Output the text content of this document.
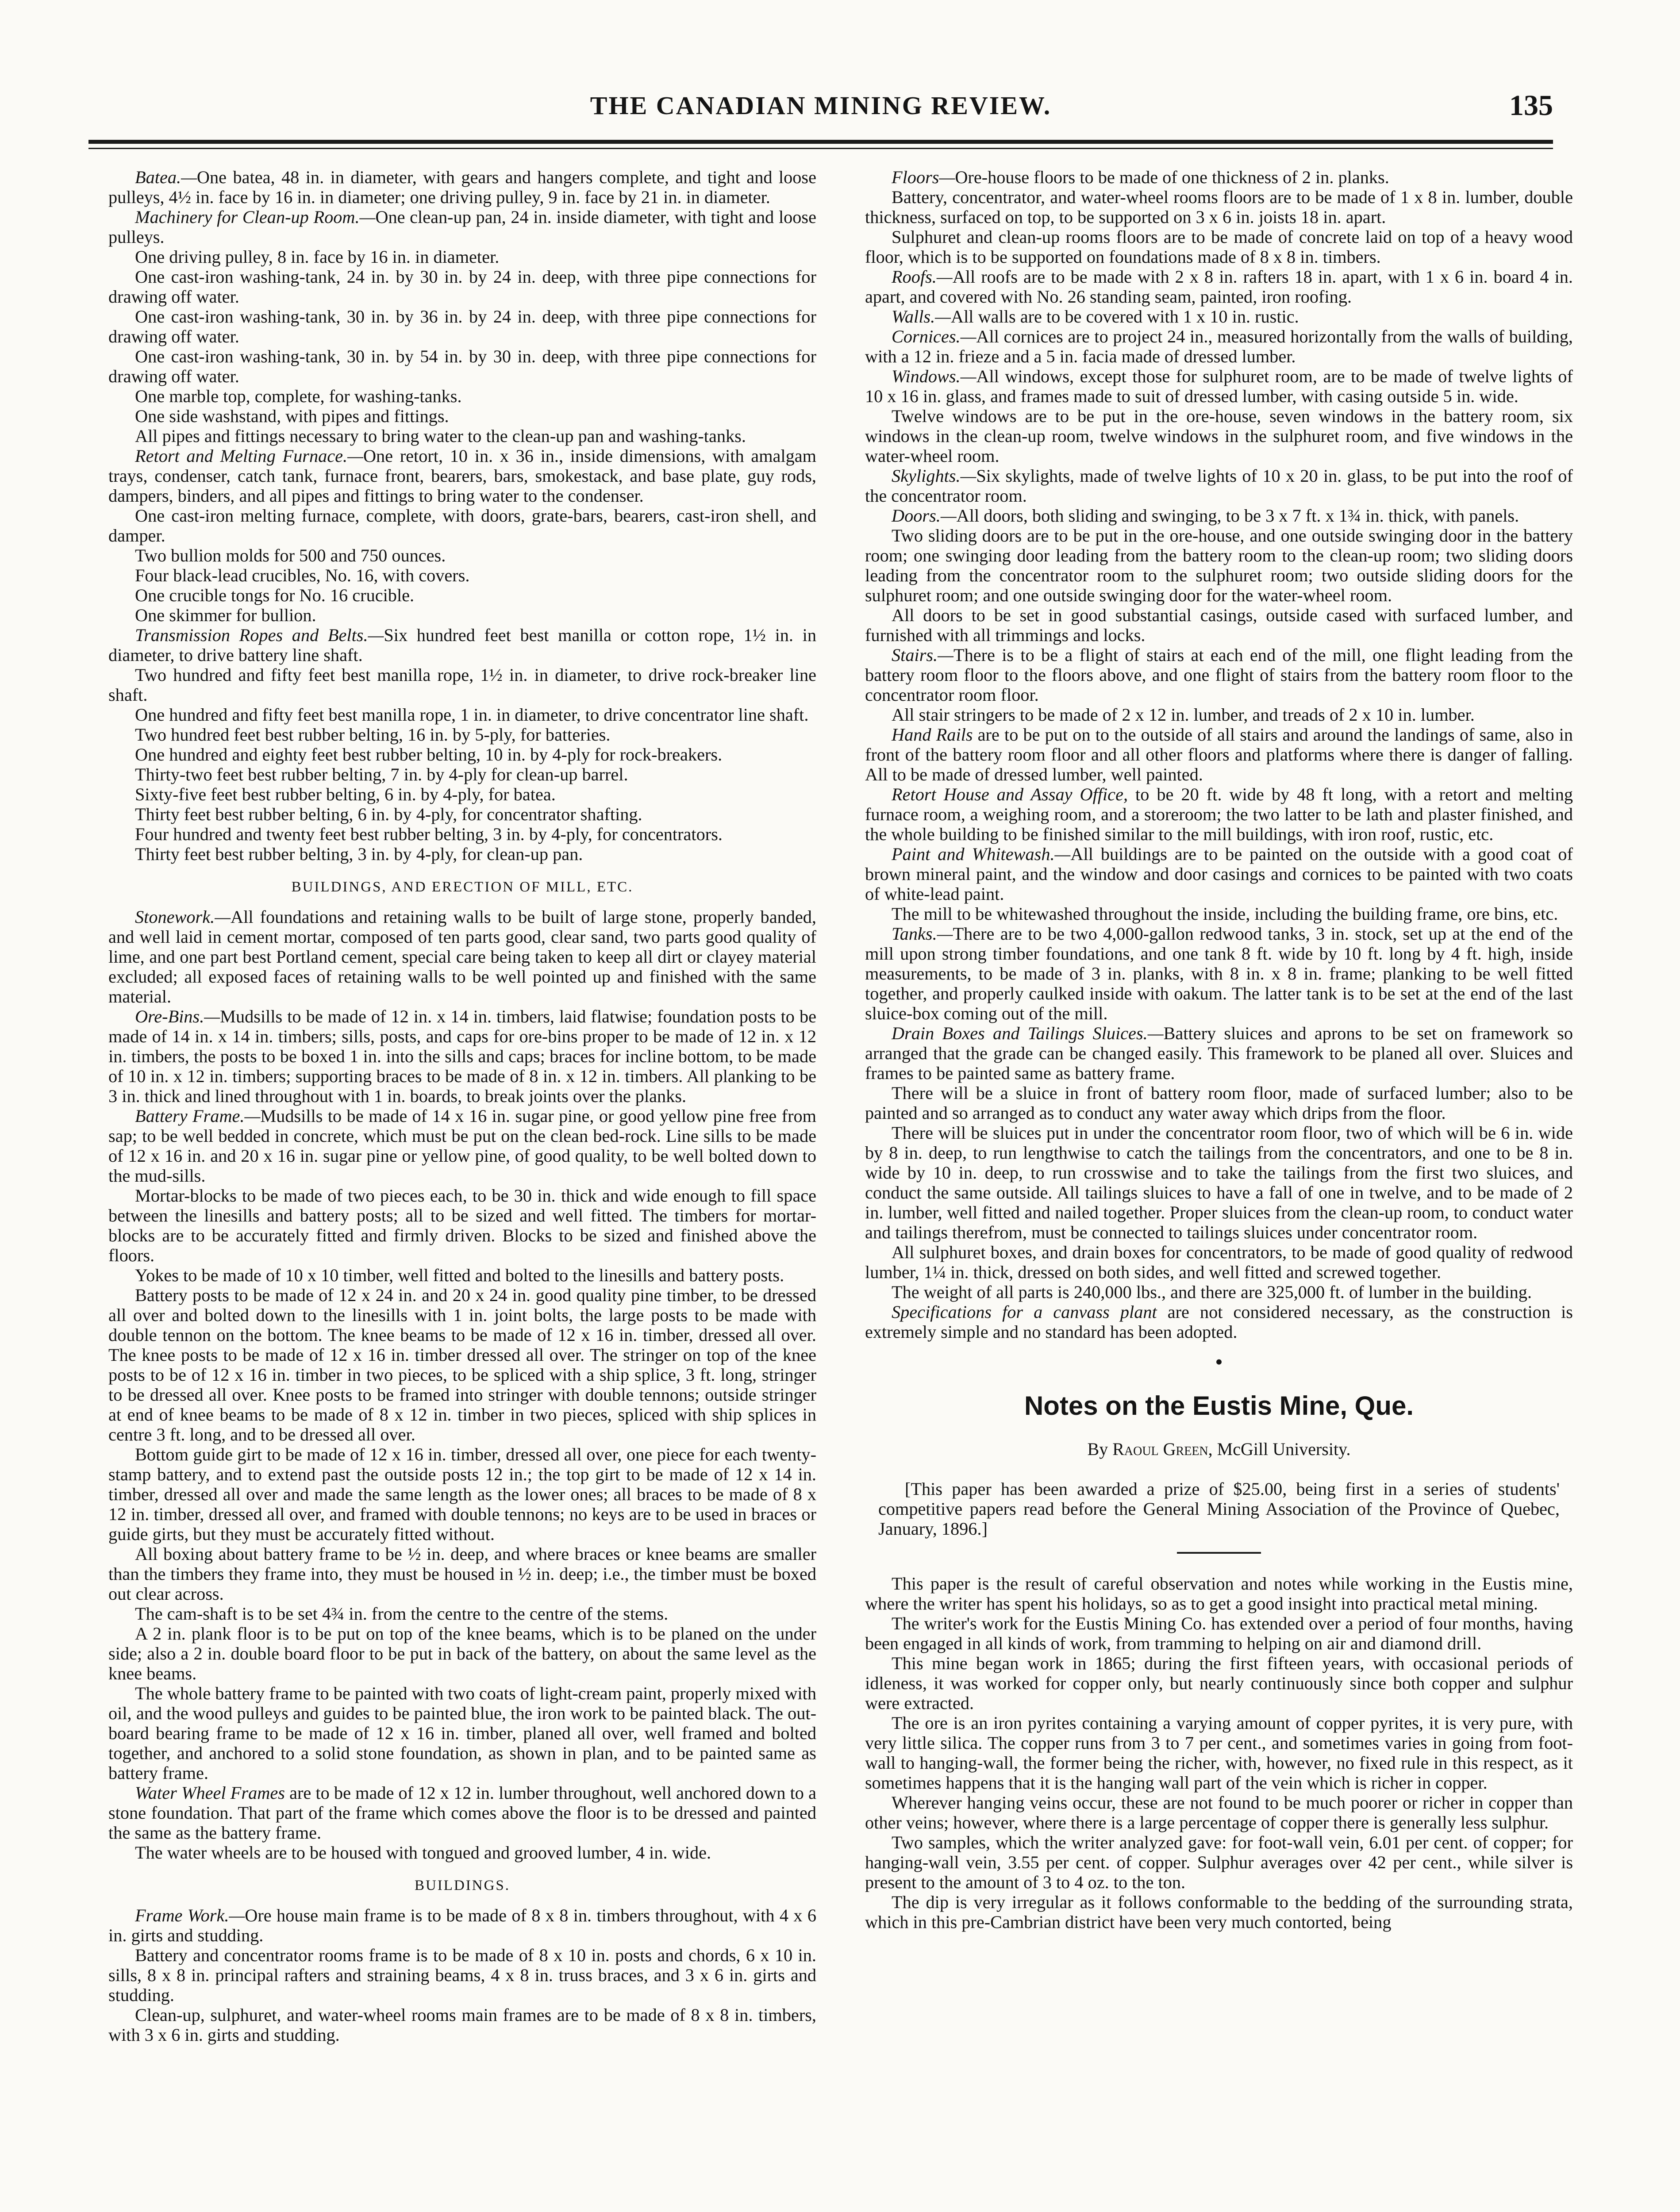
THE CANADIAN MINING REVIEW.	135

Batea.—One batea, 48 in. in diameter, with gears and hangers complete, and tight and loose pulleys, 4½ in. face by 16 in. in diameter; one driving pulley, 9 in. face by 21 in. in diameter.

Machinery for Clean-up Room.—One clean-up pan, 24 in. inside diameter, with tight and loose pulleys.

One driving pulley, 8 in. face by 16 in. in diameter.

One cast-iron washing-tank, 24 in. by 30 in. by 24 in. deep, with three pipe connections for drawing off water.

One cast-iron washing-tank, 30 in. by 36 in. by 24 in. deep, with three pipe connections for drawing off water.

One cast-iron washing-tank, 30 in. by 54 in. by 30 in. deep, with three pipe connections for drawing off water.

One marble top, complete, for washing-tanks.

One side washstand, with pipes and fittings.

All pipes and fittings necessary to bring water to the clean-up pan and washing-tanks.

Retort and Melting Furnace.—One retort, 10 in. x 36 in., inside dimensions, with amalgam trays, condenser, catch tank, furnace front, bearers, bars, smokestack, and base plate, guy rods, dampers, binders, and all pipes and fittings to bring water to the condenser.

One cast-iron melting furnace, complete, with doors, grate-bars, bearers, cast-iron shell, and damper.

Two bullion molds for 500 and 750 ounces.

Four black-lead crucibles, No. 16, with covers.

One crucible tongs for No. 16 crucible.

One skimmer for bullion.

Transmission Ropes and Belts.—Six hundred feet best manilla or cotton rope, 1½ in. in diameter, to drive battery line shaft.

Two hundred and fifty feet best manilla rope, 1½ in. in diameter, to drive rock-breaker line shaft.

One hundred and fifty feet best manilla rope, 1 in. in diameter, to drive concentrator line shaft.

Two hundred feet best rubber belting, 16 in. by 5-ply, for batteries.

One hundred and eighty feet best rubber belting, 10 in. by 4-ply for rock-breakers.

Thirty-two feet best rubber belting, 7 in. by 4-ply for clean-up barrel.

Sixty-five feet best rubber belting, 6 in. by 4-ply, for batea.

Thirty feet best rubber belting, 6 in. by 4-ply, for concentrator shafting.

Four hundred and twenty feet best rubber belting, 3 in. by 4-ply, for concentrators.

Thirty feet best rubber belting, 3 in. by 4-ply, for clean-up pan.

BUILDINGS, AND ERECTION OF MILL, ETC.

Stonework.—All foundations and retaining walls to be built of large stone, properly banded, and well laid in cement mortar, composed of ten parts good, clear sand, two parts good quality of lime, and one part best Portland cement, special care being taken to keep all dirt or clayey material excluded; all exposed faces of retaining walls to be well pointed up and finished with the same material.

Ore-Bins.—Mudsills to be made of 12 in. x 14 in. timbers, laid flatwise; foundation posts to be made of 14 in. x 14 in. timbers; sills, posts, and caps for ore-bins proper to be made of 12 in. x 12 in. timbers, the posts to be boxed 1 in. into the sills and caps; braces for incline bottom, to be made of 10 in. x 12 in. timbers; supporting braces to be made of 8 in. x 12 in. timbers. All planking to be 3 in. thick and lined throughout with 1 in. boards, to break joints over the planks.

Battery Frame.—Mudsills to be made of 14 x 16 in. sugar pine, or good yellow pine free from sap; to be well bedded in concrete, which must be put on the clean bed-rock. Line sills to be made of 12 x 16 in. and 20 x 16 in. sugar pine or yellow pine, of good quality, to be well bolted down to the mud-sills.

Mortar-blocks to be made of two pieces each, to be 30 in. thick and wide enough to fill space between the linesills and battery posts; all to be sized and well fitted. The timbers for mortar-blocks are to be accurately fitted and firmly driven. Blocks to be sized and finished above the floors.

Yokes to be made of 10 x 10 timber, well fitted and bolted to the linesills and battery posts.

Battery posts to be made of 12 x 24 in. and 20 x 24 in. good quality pine timber, to be dressed all over and bolted down to the linesills with 1 in. joint bolts, the large posts to be made with double tennon on the bottom. The knee beams to be made of 12 x 16 in. timber, dressed all over. The knee posts to be made of 12 x 16 in. timber dressed all over. The stringer on top of the knee posts to be of 12 x 16 in. timber in two pieces, to be spliced with a ship splice, 3 ft. long, stringer to be dressed all over. Knee posts to be framed into stringer with double tennons; outside stringer at end of knee beams to be made of 8 x 12 in. timber in two pieces, spliced with ship splices in centre 3 ft. long, and to be dressed all over.

Bottom guide girt to be made of 12 x 16 in. timber, dressed all over, one piece for each twenty-stamp battery, and to extend past the outside posts 12 in.; the top girt to be made of 12 x 14 in. timber, dressed all over and made the same length as the lower ones; all braces to be made of 8 x 12 in. timber, dressed all over, and framed with double tennons; no keys are to be used in braces or guide girts, but they must be accurately fitted without.

All boxing about battery frame to be ½ in. deep, and where braces or knee beams are smaller than the timbers they frame into, they must be housed in ½ in. deep; i.e., the timber must be boxed out clear across.

The cam-shaft is to be set 4¾ in. from the centre to the centre of the stems.

A 2 in. plank floor is to be put on top of the knee beams, which is to be planed on the under side; also a 2 in. double board floor to be put in back of the battery, on about the same level as the knee beams.

The whole battery frame to be painted with two coats of light-cream paint, properly mixed with oil, and the wood pulleys and guides to be painted blue, the iron work to be painted black. The out-board bearing frame to be made of 12 x 16 in. timber, planed all over, well framed and bolted together, and anchored to a solid stone foundation, as shown in plan, and to be painted same as battery frame.

Water Wheel Frames are to be made of 12 x 12 in. lumber throughout, well anchored down to a stone foundation. That part of the frame which comes above the floor is to be dressed and painted the same as the battery frame.

The water wheels are to be housed with tongued and grooved lumber, 4 in. wide.

BUILDINGS.

Frame Work.—Ore house main frame is to be made of 8 x 8 in. timbers throughout, with 4 x 6 in. girts and studding.

Battery and concentrator rooms frame is to be made of 8 x 10 in. posts and chords, 6 x 10 in. sills, 8 x 8 in. principal rafters and straining beams, 4 x 8 in. truss braces, and 3 x 6 in. girts and studding.

Clean-up, sulphuret, and water-wheel rooms main frames are to be made of 8 x 8 in. timbers, with 3 x 6 in. girts and studding.

Floors—Ore-house floors to be made of one thickness of 2 in. planks.

Battery, concentrator, and water-wheel rooms floors are to be made of 1 x 8 in. lumber, double thickness, surfaced on top, to be supported on 3 x 6 in. joists 18 in. apart.

Sulphuret and clean-up rooms floors are to be made of concrete laid on top of a heavy wood floor, which is to be supported on foundations made of 8 x 8 in. timbers.

Roofs.—All roofs are to be made with 2 x 8 in. rafters 18 in. apart, with 1 x 6 in. board 4 in. apart, and covered with No. 26 standing seam, painted, iron roofing.

Walls.—All walls are to be covered with 1 x 10 in. rustic.

Cornices.—All cornices are to project 24 in., measured horizontally from the walls of building, with a 12 in. frieze and a 5 in. facia made of dressed lumber.

Windows.—All windows, except those for sulphuret room, are to be made of twelve lights of 10 x 16 in. glass, and frames made to suit of dressed lumber, with casing outside 5 in. wide.

Twelve windows are to be put in the ore-house, seven windows in the battery room, six windows in the clean-up room, twelve windows in the sulphuret room, and five windows in the water-wheel room.

Skylights.—Six skylights, made of twelve lights of 10 x 20 in. glass, to be put into the roof of the concentrator room.

Doors.—All doors, both sliding and swinging, to be 3 x 7 ft. x 1¾ in. thick, with panels.

Two sliding doors are to be put in the ore-house, and one outside swinging door in the battery room; one swinging door leading from the battery room to the clean-up room; two sliding doors leading from the concentrator room to the sulphuret room; two outside sliding doors for the sulphuret room; and one outside swinging door for the water-wheel room.

All doors to be set in good substantial casings, outside cased with surfaced lumber, and furnished with all trimmings and locks.

Stairs.—There is to be a flight of stairs at each end of the mill, one flight leading from the battery room floor to the floors above, and one flight of stairs from the battery room floor to the concentrator room floor.

All stair stringers to be made of 2 x 12 in. lumber, and treads of 2 x 10 in. lumber.

Hand Rails are to be put on to the outside of all stairs and around the landings of same, also in front of the battery room floor and all other floors and platforms where there is danger of falling. All to be made of dressed lumber, well painted.

Retort House and Assay Office, to be 20 ft. wide by 48 ft long, with a retort and melting furnace room, a weighing room, and a storeroom; the two latter to be lath and plaster finished, and the whole building to be finished similar to the mill buildings, with iron roof, rustic, etc.

Paint and Whitewash.—All buildings are to be painted on the outside with a good coat of brown mineral paint, and the window and door casings and cornices to be painted with two coats of white-lead paint.

The mill to be whitewashed throughout the inside, including the building frame, ore bins, etc.

Tanks.—There are to be two 4,000-gallon redwood tanks, 3 in. stock, set up at the end of the mill upon strong timber foundations, and one tank 8 ft. wide by 10 ft. long by 4 ft. high, inside measurements, to be made of 3 in. planks, with 8 in. x 8 in. frame; planking to be well fitted together, and properly caulked inside with oakum. The latter tank is to be set at the end of the last sluice-box coming out of the mill.

Drain Boxes and Tailings Sluices.—Battery sluices and aprons to be set on framework so arranged that the grade can be changed easily. This framework to be planed all over. Sluices and frames to be painted same as battery frame.

There will be a sluice in front of battery room floor, made of surfaced lumber; also to be painted and so arranged as to conduct any water away which drips from the floor.

There will be sluices put in under the concentrator room floor, two of which will be 6 in. wide by 8 in. deep, to run lengthwise to catch the tailings from the concentrators, and one to be 8 in. wide by 10 in. deep, to run crosswise and to take the tailings from the first two sluices, and conduct the same outside. All tailings sluices to have a fall of one in twelve, and to be made of 2 in. lumber, well fitted and nailed together. Proper sluices from the clean-up room, to conduct water and tailings therefrom, must be connected to tailings sluices under concentrator room.

All sulphuret boxes, and drain boxes for concentrators, to be made of good quality of redwood lumber, 1¼ in. thick, dressed on both sides, and well fitted and screwed together.

The weight of all parts is 240,000 lbs., and there are 325,000 ft. of lumber in the building.

Specifications for a canvass plant are not considered necessary, as the construction is extremely simple and no standard has been adopted.

•
Notes on the Eustis Mine, Que.
By Raoul Green, McGill University.

[This paper has been awarded a prize of $25.00, being first in a series of students' competitive papers read before the General Mining Association of the Province of Quebec, January, 1896.]

This paper is the result of careful observation and notes while working in the Eustis mine, where the writer has spent his holidays, so as to get a good insight into practical metal mining.

The writer's work for the Eustis Mining Co. has extended over a period of four months, having been engaged in all kinds of work, from tramming to helping on air and diamond drill.

This mine began work in 1865; during the first fifteen years, with occasional periods of idleness, it was worked for copper only, but nearly continuously since both copper and sulphur were extracted.

The ore is an iron pyrites containing a varying amount of copper pyrites, it is very pure, with very little silica. The copper runs from 3 to 7 per cent., and sometimes varies in going from foot-wall to hanging-wall, the former being the richer, with, however, no fixed rule in this respect, as it sometimes happens that it is the hanging wall part of the vein which is richer in copper.

Wherever hanging veins occur, these are not found to be much poorer or richer in copper than other veins; however, where there is a large percentage of copper there is generally less sulphur.

Two samples, which the writer analyzed gave: for foot-wall vein, 6.01 per cent. of copper; for hanging-wall vein, 3.55 per cent. of copper. Sulphur averages over 42 per cent., while silver is present to the amount of 3 to 4 oz. to the ton.

The dip is very irregular as it follows conformable to the bedding of the surrounding strata, which in this pre-Cambrian district have been very much contorted, being
